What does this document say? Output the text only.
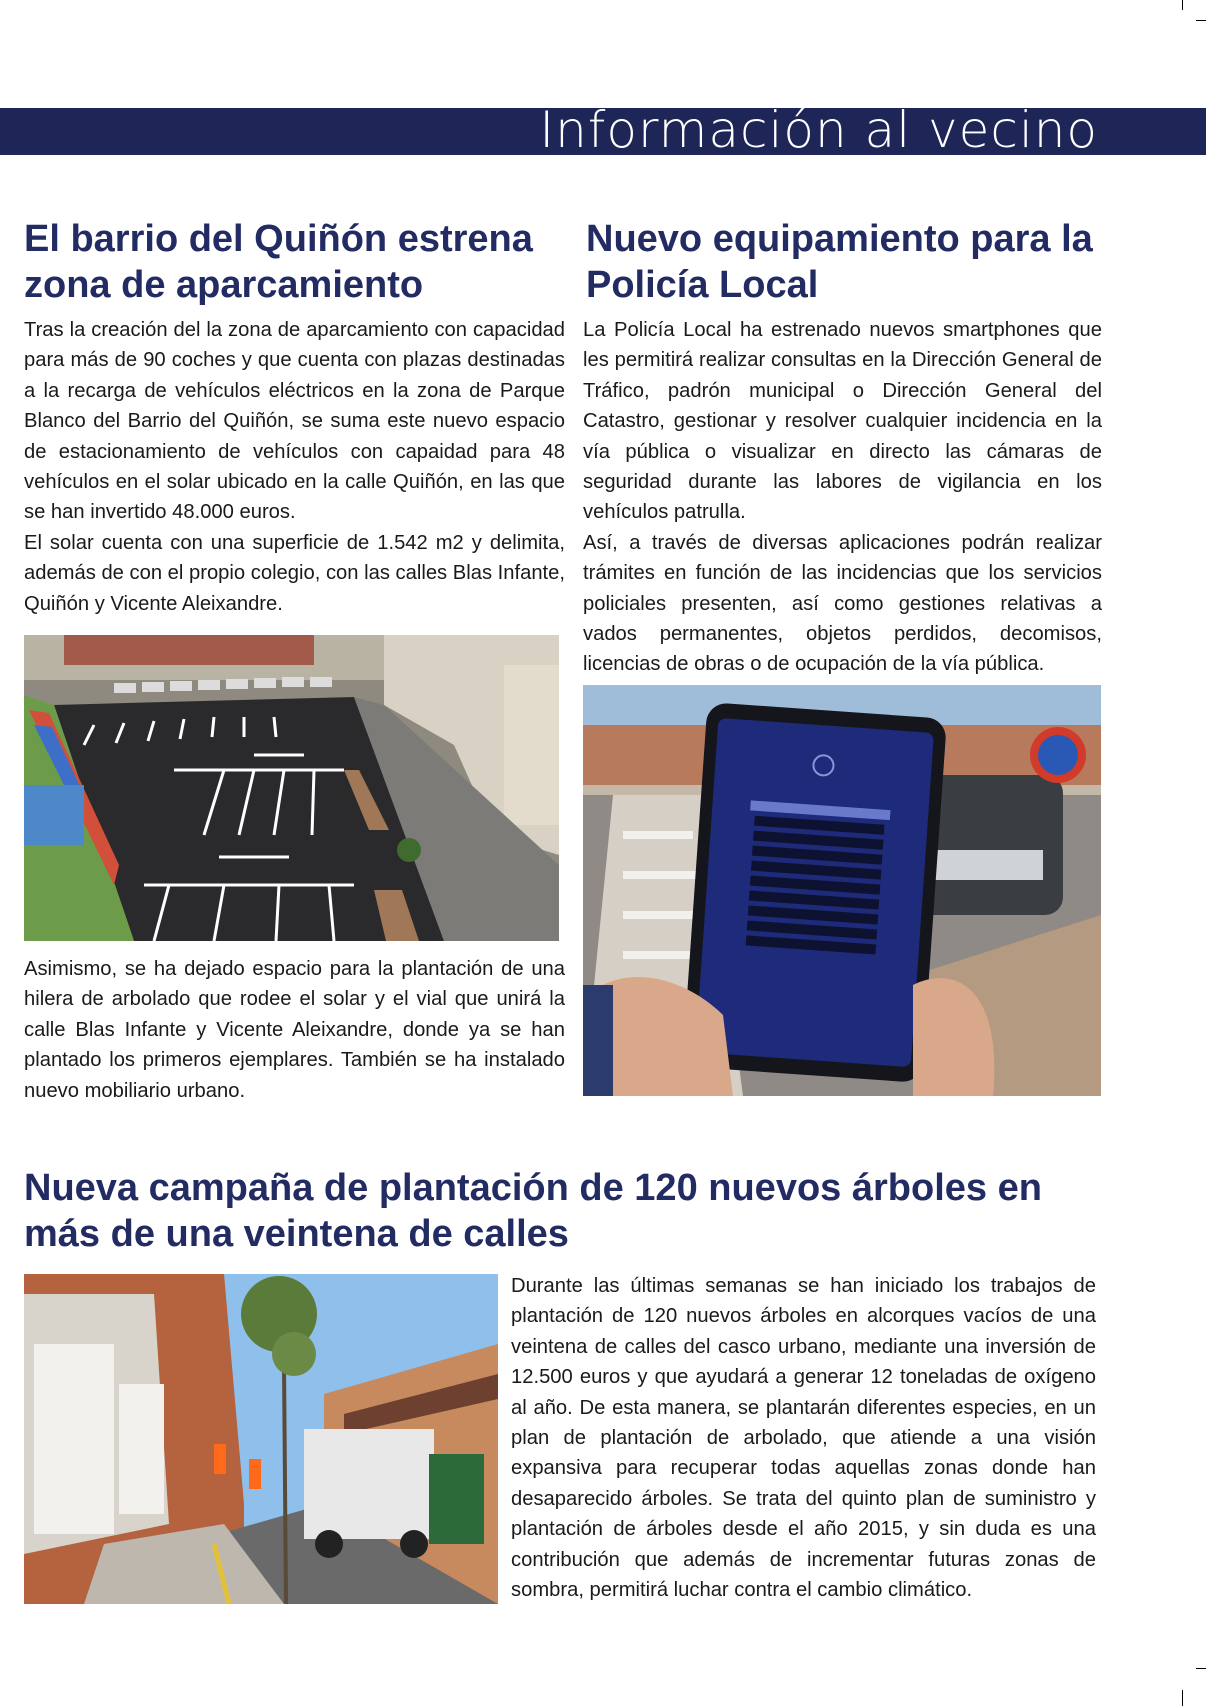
Información al vecino
El barrio del Quiñón estrena zona de aparcamiento

Tras la creación del la zona de aparcamiento con capacidad para más de 90 coches y que cuenta con plazas destinadas a la recarga de vehículos eléctricos en la zona de Parque Blanco del Barrio del Quiñón, se suma este nuevo espacio de estacionamiento de vehículos con capaidad para 48 vehículos en el solar ubicado en la calle Quiñón, en las que se han invertido 48.000 euros.

El solar cuenta con una superficie de 1.542 m2 y delimita, además de con el propio colegio, con las calles Blas Infante, Quiñón y Vicente Aleixandre.

Asimismo, se ha dejado espacio para la plantación de una hilera de arbolado que rodee el solar y el vial que unirá la calle Blas Infante y Vicente Aleixandre, donde ya se han plantado los primeros ejemplares. También se ha instalado nuevo mobiliario urbano.

Nuevo equipamiento para la Policía Local

La Policía Local ha estrenado nuevos smartphones que les permitirá realizar consultas en la Dirección General de Tráfico, padrón municipal o Dirección General del Catastro, gestionar y resolver cualquier incidencia en la vía pública o visualizar en directo las cámaras de seguridad durante las labores de vigilancia en los vehículos patrulla.

Así, a través de diversas aplicaciones podrán realizar trámites en función de las incidencias que los servicios policiales presenten, así como gestiones relativas a vados permanentes, objetos perdidos, decomisos, licencias de obras o de ocupación de la vía pública.

Nueva campaña de plantación de 120 nuevos árboles en más de una veintena de calles

Durante las últimas semanas se han iniciado los trabajos de plantación de 120 nuevos árboles en alcorques vacíos de una veintena de calles del casco urbano, mediante una inversión de 12.500 euros y que ayudará a generar 12 toneladas de oxígeno al año. De esta manera, se plantarán diferentes especies, en un plan de plantación de arbolado, que atiende a una visión expansiva para recuperar todas aquellas zonas donde han desaparecido árboles. Se trata del quinto plan de suministro y plantación de árboles desde el año 2015, y sin duda es una contribución que además de incrementar futuras zonas de sombra, permitirá luchar contra el cambio climático.
